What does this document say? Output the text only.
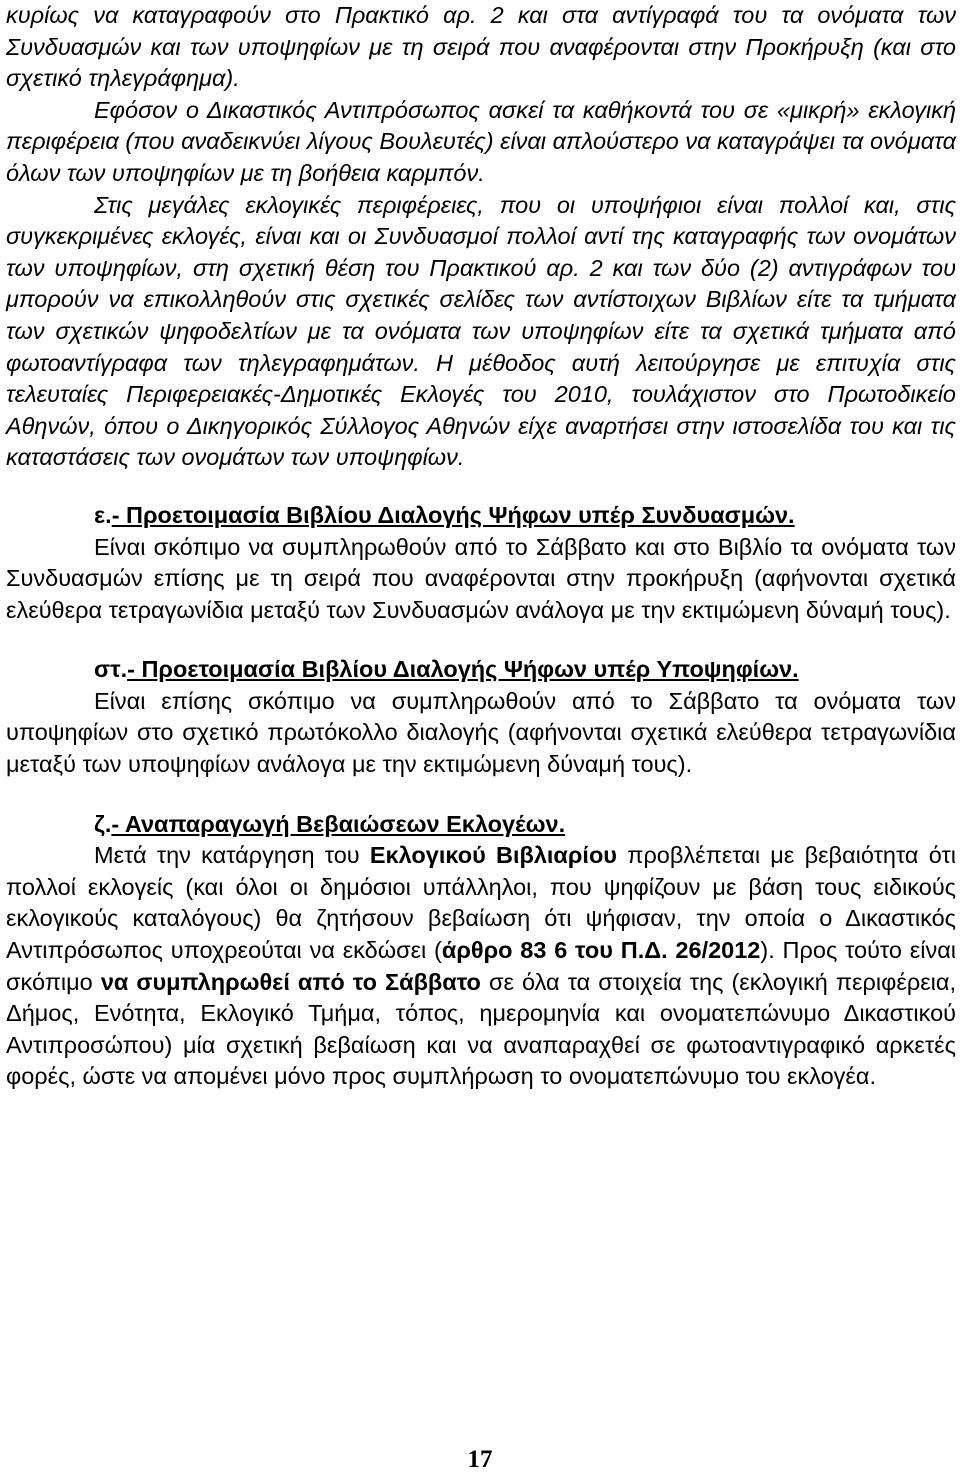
κυρίως να καταγραφούν στο Πρακτικό αρ. 2 και στα αντίγραφά του τα ονόματα των Συνδυασμών και των υποψηφίων με τη σειρά που αναφέρονται στην Προκήρυξη (και στο σχετικό τηλεγράφημα).

Εφόσον ο Δικαστικός Αντιπρόσωπος ασκεί τα καθήκοντά του σε «μικρή» εκλογική περιφέρεια (που αναδεικνύει λίγους Βουλευτές) είναι απλούστερο να καταγράψει τα ονόματα όλων των υποψηφίων με τη βοήθεια καρμπόν.

Στις μεγάλες εκλογικές περιφέρειες, που οι υποψήφιοι είναι πολλοί και, στις συγκεκριμένες εκλογές, είναι και οι Συνδυασμοί πολλοί αντί της καταγραφής των ονομάτων των υποψηφίων, στη σχετική θέση του Πρακτικού αρ. 2 και των δύο (2) αντιγράφων του μπορούν να επικολληθούν στις σχετικές σελίδες των αντίστοιχων Βιβλίων είτε τα τμήματα των σχετικών ψηφοδελτίων με τα ονόματα των υποψηφίων είτε τα σχετικά τμήματα από φωτοαντίγραφα των τηλεγραφημάτων. Η μέθοδος αυτή λειτούργησε με επιτυχία στις τελευταίες Περιφερειακές-Δημοτικές Εκλογές του 2010, τουλάχιστον στο Πρωτοδικείο Αθηνών, όπου ο Δικηγορικός Σύλλογος Αθηνών είχε αναρτήσει στην ιστοσελίδα του και τις καταστάσεις των ονομάτων των υποψηφίων.

ε.- Προετοιμασία Βιβλίου Διαλογής Ψήφων υπέρ Συνδυασμών.

Είναι σκόπιμο να συμπληρωθούν από το Σάββατο και στο Βιβλίο τα ονόματα των Συνδυασμών επίσης με τη σειρά που αναφέρονται στην προκήρυξη (αφήνονται σχετικά ελεύθερα τετραγωνίδια μεταξύ των Συνδυασμών ανάλογα με την εκτιμώμενη δύναμή τους).

στ.- Προετοιμασία Βιβλίου Διαλογής Ψήφων υπέρ Υποψηφίων.

Είναι επίσης σκόπιμο να συμπληρωθούν από το Σάββατο τα ονόματα των υποψηφίων στο σχετικό πρωτόκολλο διαλογής (αφήνονται σχετικά ελεύθερα τετραγωνίδια μεταξύ των υποψηφίων ανάλογα με την εκτιμώμενη δύναμή τους).

ζ.- Αναπαραγωγή Βεβαιώσεων Εκλογέων.

Μετά την κατάργηση του Εκλογικού Βιβλιαρίου προβλέπεται με βεβαιότητα ότι πολλοί εκλογείς (και όλοι οι δημόσιοι υπάλληλοι, που ψηφίζουν με βάση τους ειδικούς εκλογικούς καταλόγους) θα ζητήσουν βεβαίωση ότι ψήφισαν, την οποία ο Δικαστικός Αντιπρόσωπος υποχρεούται να εκδώσει (άρθρο 83 6 του Π.Δ. 26/2012). Προς τούτο είναι σκόπιμο να συμπληρωθεί από το Σάββατο σε όλα τα στοιχεία της (εκλογική περιφέρεια, Δήμος, Ενότητα, Εκλογικό Τμήμα, τόπος, ημερομηνία και ονοματεπώνυμο Δικαστικού Αντιπροσώπου) μία σχετική βεβαίωση και να αναπαραχθεί σε φωτοαντιγραφικό αρκετές φορές, ώστε να απομένει μόνο προς συμπλήρωση το ονοματεπώνυμο του εκλογέα.

17
